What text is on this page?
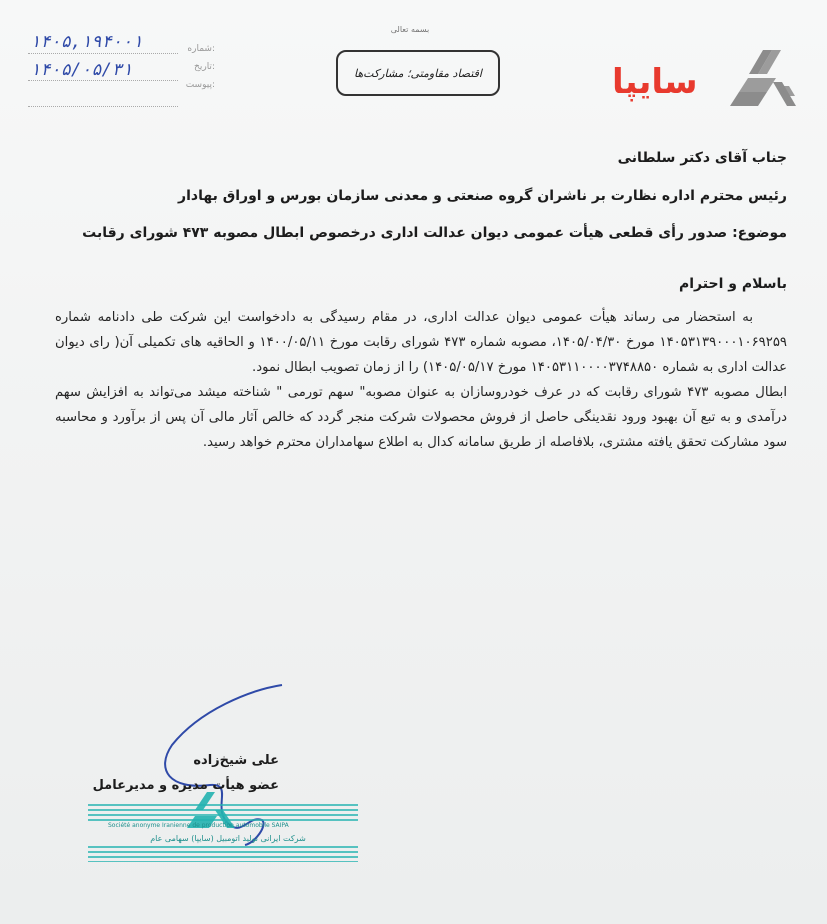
بسمه تعالی
اقتصاد مقاومتی؛ مشارکت‌ها	سایپا
شماره:
تاریخ:
پیوست:
۱۴۰۵,۱۹۴۰۰۱
۱۴۰۵/۰۵/۳۱
جناب آقای دکتر سلطانی
رئیس محترم اداره نظارت بر ناشران گروه صنعتی و معدنی سازمان بورس و اوراق بهادار
موضوع: صدور رأی قطعی هیأت عمومی دیوان عدالت اداری درخصوص ابطال مصوبه ۴۷۳ شورای رقابت
باسلام و احترام

به استحضار می رساند هیأت عمومی دیوان عدالت اداری، در مقام رسیدگی به دادخواست این شرکت طی دادنامه شماره ۱۴۰۵۳۱۳۹۰۰۰۱۰۶۹۲۵۹ مورخ ۱۴۰۵/۰۴/۳۰، مصوبه شماره ۴۷۳ شورای رقابت مورخ ۱۴۰۰/۰۵/۱۱ و الحاقیه های تکمیلی آن( رای دیوان عدالت اداری به شماره ۱۴۰۵۳۱۱۰۰۰۰۳۷۴۸۸۵۰ مورخ ۱۴۰۵/۰۵/۱۷) را از زمان تصویب ابطال نمود.

ابطال مصوبه ۴۷۳ شورای رقابت که در عرف خودروسازان به عنوان مصوبه" سهم تورمی " شناخته میشد می‌تواند به افزایش سهم درآمدی و به تبع آن بهبود ورود نقدینگی حاصل از فروش محصولات شرکت منجر گردد که خالص آثار مالی آن پس از برآورد و محاسبه سود مشارکت تحقق یافته مشتری، بلافاصله از طریق سامانه کدال به اطلاع سهامداران محترم خواهد رسید.

علی شیخ‌زاده
عضو هیأت مدیره و مدیرعامل
Société anonyme Iranienne de production automobile SAIPA
شرکت ایرانی تولید اتومبیل (سایپا) سهامی عام
